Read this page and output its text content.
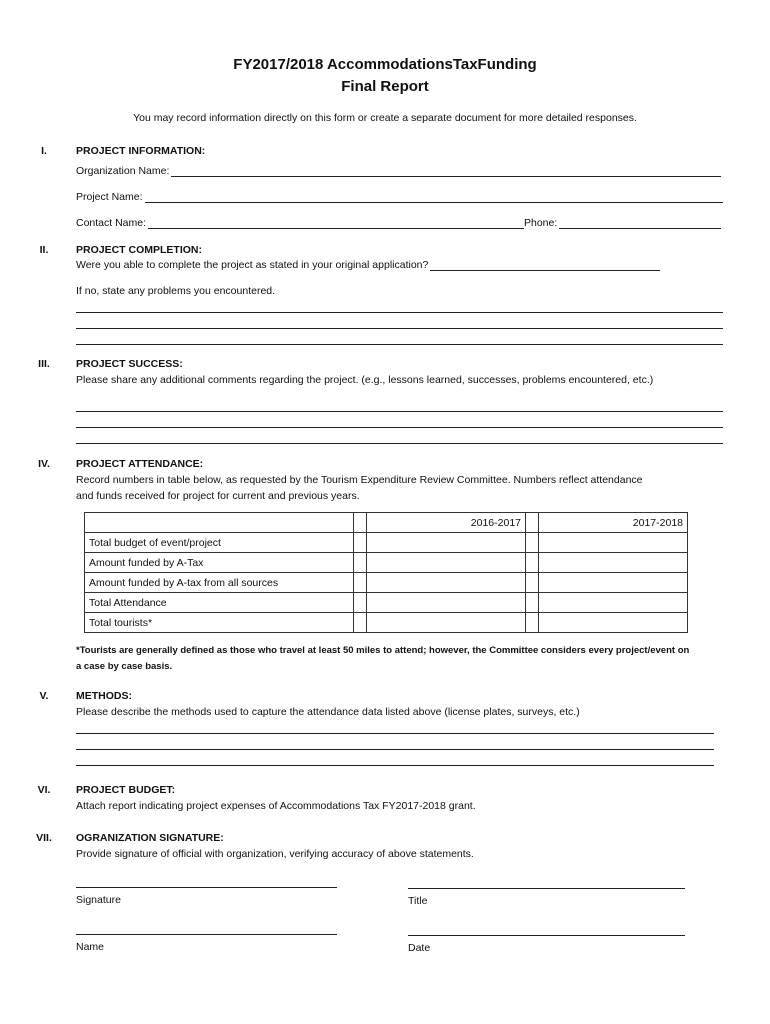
FY2017/2018 AccommodationsTaxFunding
Final Report
You may record information directly on this form or create a separate document for more detailed responses.
I.	PROJECT INFORMATION:
Organization Name:
Project Name:
Contact Name:	Phone:
II.	PROJECT COMPLETION:
Were you able to complete the project as stated in your original application?
If no, state any problems you encountered.
III.	PROJECT SUCCESS:
Please share any additional comments regarding the project. (e.g., lessons learned, successes, problems encountered, etc.)
IV.	PROJECT ATTENDANCE:
Record numbers in table below, as requested by the Tourism Expenditure Review Committee. Numbers reflect attendance
and funds received for project for current and previous years.
		2016-2017		2017-2018
Total budget of event/project				
Amount funded by A-Tax				
Amount funded by A-tax from all sources				
Total Attendance				
Total tourists*				
*Tourists are generally defined as those who travel at least 50 miles to attend; however, the Committee considers every project/event on
a case by case basis.
V.	METHODS:
Please describe the methods used to capture the attendance data listed above (license plates, surveys, etc.)
VI.	PROJECT BUDGET:
Attach report indicating project expenses of Accommodations Tax FY2017-2018 grant.
VII. OGRANIZATION SIGNATURE:
Provide signature of official with organization, verifying accuracy of above statements.
Signature	Title
Name	Date
